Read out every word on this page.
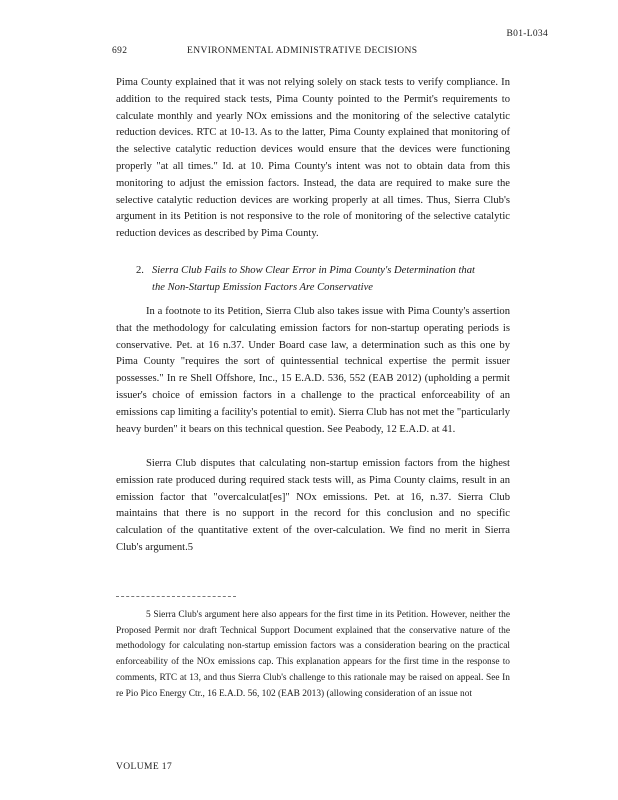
B01-L034
692	ENVIRONMENTAL ADMINISTRATIVE DECISIONS

Pima County explained that it was not relying solely on stack tests to verify compliance. In addition to the required stack tests, Pima County pointed to the Permit's requirements to calculate monthly and yearly NOx emissions and the monitoring of the selective catalytic reduction devices. RTC at 10-13. As to the latter, Pima County explained that monitoring of the selective catalytic reduction devices would ensure that the devices were functioning properly "at all times." Id. at 10. Pima County's intent was not to obtain data from this monitoring to adjust the emission factors. Instead, the data are required to make sure the selective catalytic reduction devices are working properly at all times. Thus, Sierra Club's argument in its Petition is not responsive to the role of monitoring of the selective catalytic reduction devices as described by Pima County.

2. Sierra Club Fails to Show Clear Error in Pima County's Determination that
the Non-Startup Emission Factors Are Conservative

In a footnote to its Petition, Sierra Club also takes issue with Pima County's assertion that the methodology for calculating emission factors for non-startup operating periods is conservative. Pet. at 16 n.37. Under Board case law, a determination such as this one by Pima County "requires the sort of quintessential technical expertise the permit issuer possesses." In re Shell Offshore, Inc., 15 E.A.D. 536, 552 (EAB 2012) (upholding a permit issuer's choice of emission factors in a challenge to the practical enforceability of an emissions cap limiting a facility's potential to emit). Sierra Club has not met the "particularly heavy burden" it bears on this technical question. See Peabody, 12 E.A.D. at 41.

Sierra Club disputes that calculating non-startup emission factors from the highest emission rate produced during required stack tests will, as Pima County claims, result in an emission factor that "overcalculat[es]" NOx emissions. Pet. at 16, n.37. Sierra Club maintains that there is no support in the record for this conclusion and no specific calculation of the quantitative extent of the over-calculation. We find no merit in Sierra Club's argument.5

5 Sierra Club's argument here also appears for the first time in its Petition. However, neither the Proposed Permit nor draft Technical Support Document explained that the conservative nature of the methodology for calculating non-startup emission factors was a consideration bearing on the practical enforceability of the NOx emissions cap. This explanation appears for the first time in the response to comments, RTC at 13, and thus Sierra Club's challenge to this rationale may be raised on appeal. See In re Pio Pico Energy Ctr., 16 E.A.D. 56, 102 (EAB 2013) (allowing consideration of an issue not

VOLUME 17
